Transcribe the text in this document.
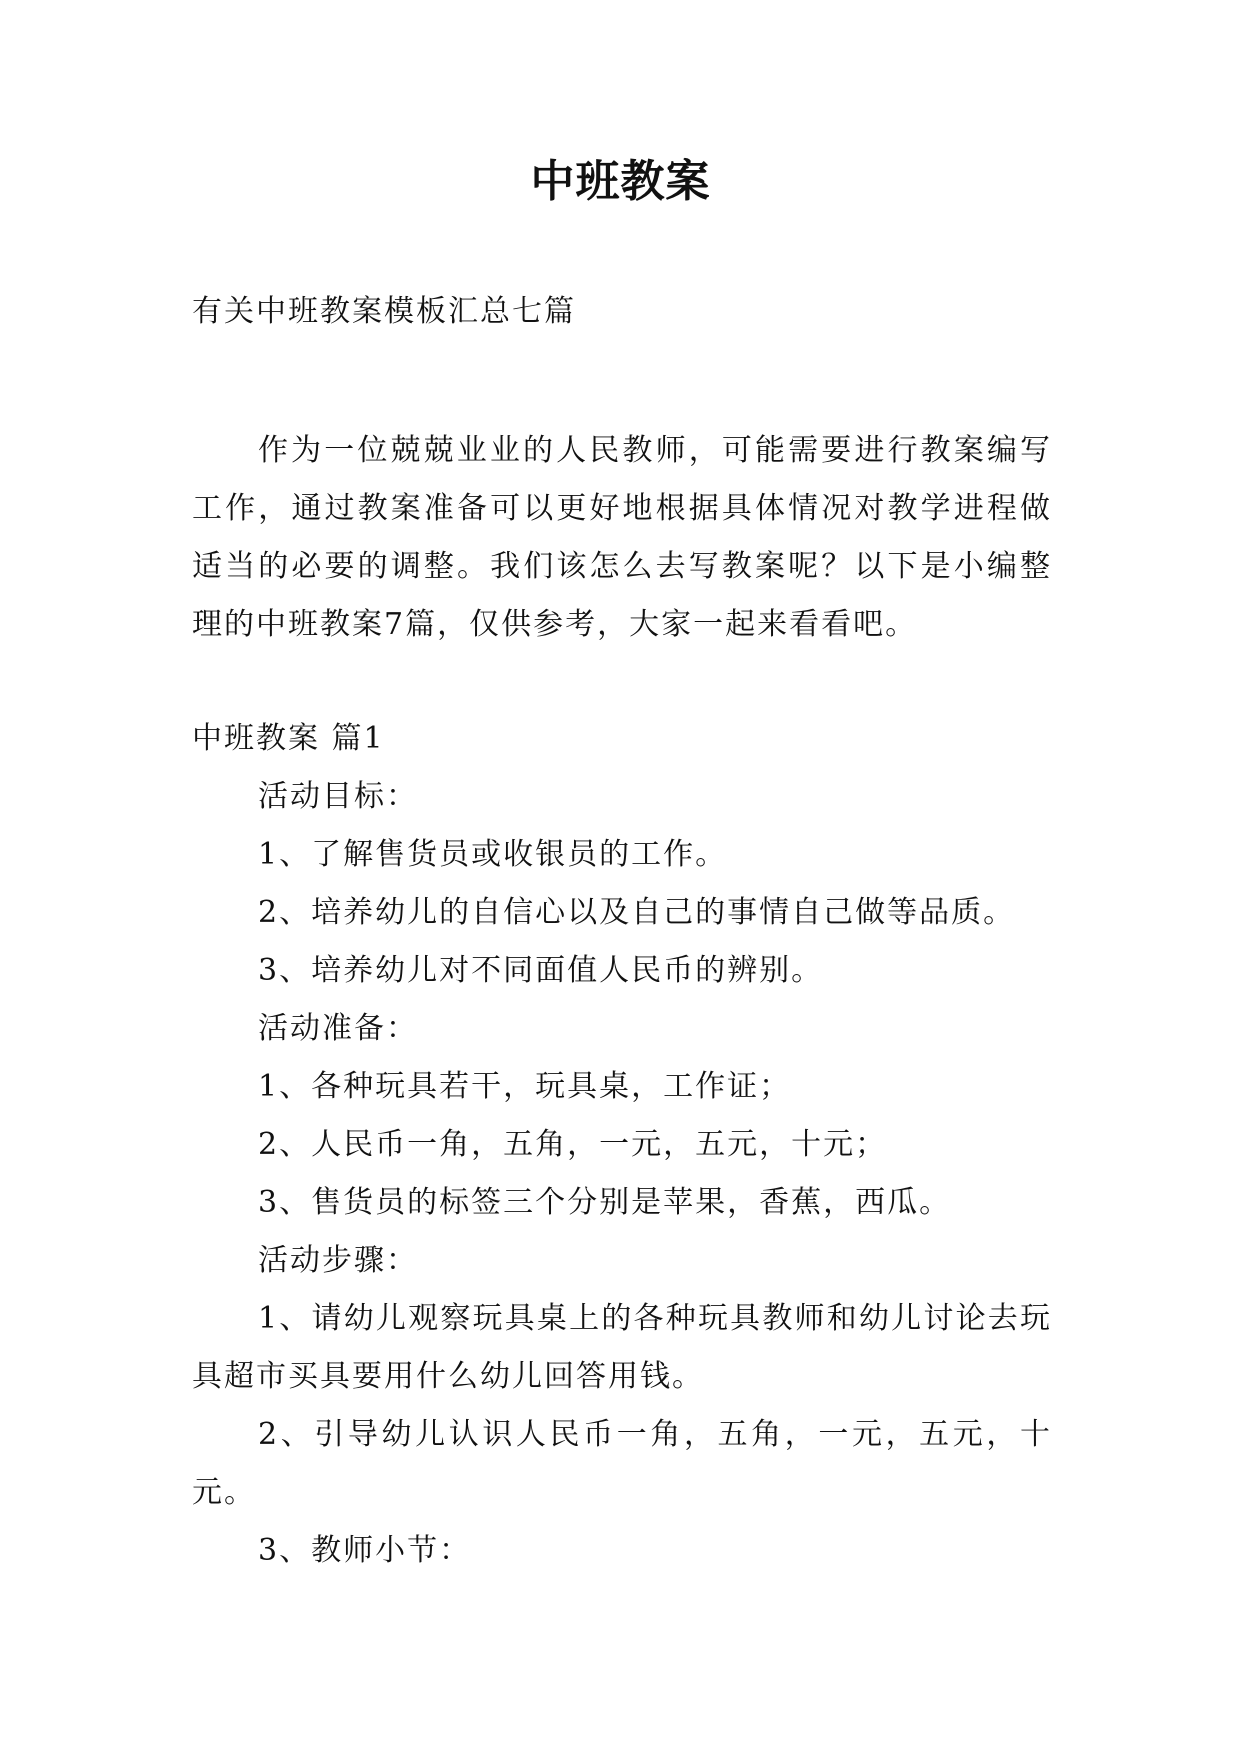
中班教案

有关中班教案模板汇总七篇

作为一位兢兢业业的人民教师，可能需要进行教案编写工作，通过教案准备可以更好地根据具体情况对教学进程做适当的必要的调整。我们该怎么去写教案呢？以下是小编整理的中班教案7篇，仅供参考，大家一起来看看吧。

中班教案 篇1

活动目标：

1、了解售货员或收银员的工作。

2、培养幼儿的自信心以及自己的事情自己做等品质。

3、培养幼儿对不同面值人民币的辨别。

活动准备：

1、各种玩具若干，玩具桌，工作证；

2、人民币一角，五角，一元，五元，十元；

3、售货员的标签三个分别是苹果，香蕉，西瓜。

活动步骤：

1、请幼儿观察玩具桌上的各种玩具教师和幼儿讨论去玩具超市买具要用什么幼儿回答用钱。

2、引导幼儿认识人民币一角，五角，一元，五元，十元。

3、教师小节：
